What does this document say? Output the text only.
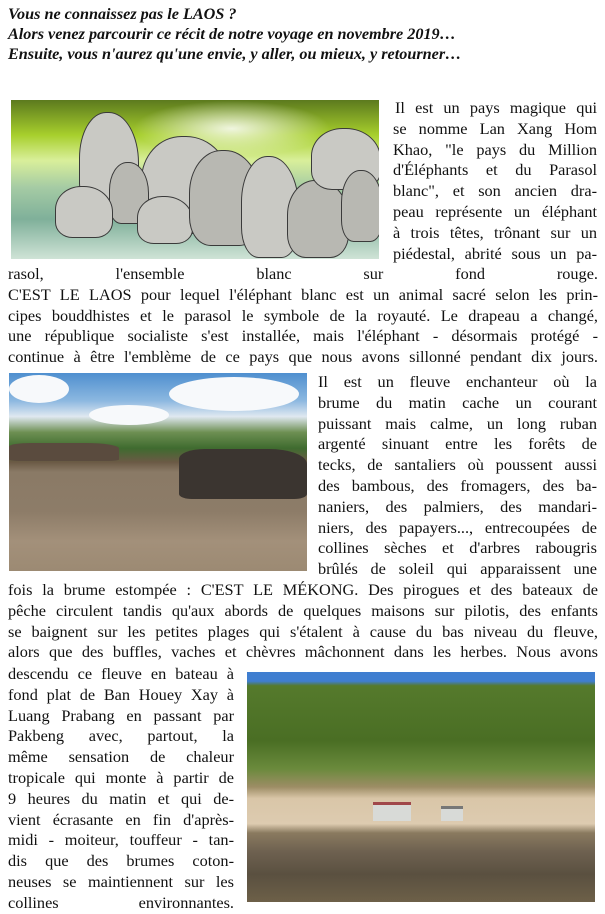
Vous ne connaissez pas le LAOS ?
Alors venez parcourir ce récit de notre voyage en novembre 2019…
Ensuite, vous n'aurez qu'une envie, y aller, ou mieux, y retourner…
Il est un pays magique qui
se nomme Lan Xang Hom
Khao, "le pays du Million
d'Éléphants et du Parasol
blanc", et son ancien dra-
peau représente un éléphant
à trois têtes, trônant sur un
piédestal, abrité sous un pa-
rasol, l'ensemble blanc sur fond rouge.
C'EST LE LAOS pour lequel l'éléphant blanc est un animal sacré selon les prin-
cipes bouddhistes et le parasol le symbole de la royauté. Le drapeau a changé,
une république socialiste s'est installée, mais l'éléphant - désormais protégé -
continue à être l'emblème de ce pays que nous avons sillonné pendant dix jours.
Il est un fleuve enchanteur où la
brume du matin cache un courant
puissant mais calme, un long ruban
argenté sinuant entre les forêts de
tecks, de santaliers où poussent aussi
des bambous, des fromagers, des ba-
naniers, des palmiers, des mandari-
niers, des papayers..., entrecoupées de
collines sèches et d'arbres rabougris
brûlés de soleil qui apparaissent une
fois la brume estompée : C'EST LE MÉKONG. Des pirogues et des bateaux de
pêche circulent tandis qu'aux abords de quelques maisons sur pilotis, des enfants
se baignent sur les petites plages qui s'étalent à cause du bas niveau du fleuve,
alors que des buffles, vaches et chèvres mâchonnent dans les herbes. Nous avons
descendu ce fleuve en bateau à
fond plat de Ban Houey Xay à
Luang Prabang en passant par
Pakbeng avec, partout, la
même sensation de chaleur
tropicale qui monte à partir de
9 heures du matin et qui de-
vient écrasante en fin d'après-
midi - moiteur, touffeur - tan-
dis que des brumes coton-
neuses se maintiennent sur les
collines environnantes.
